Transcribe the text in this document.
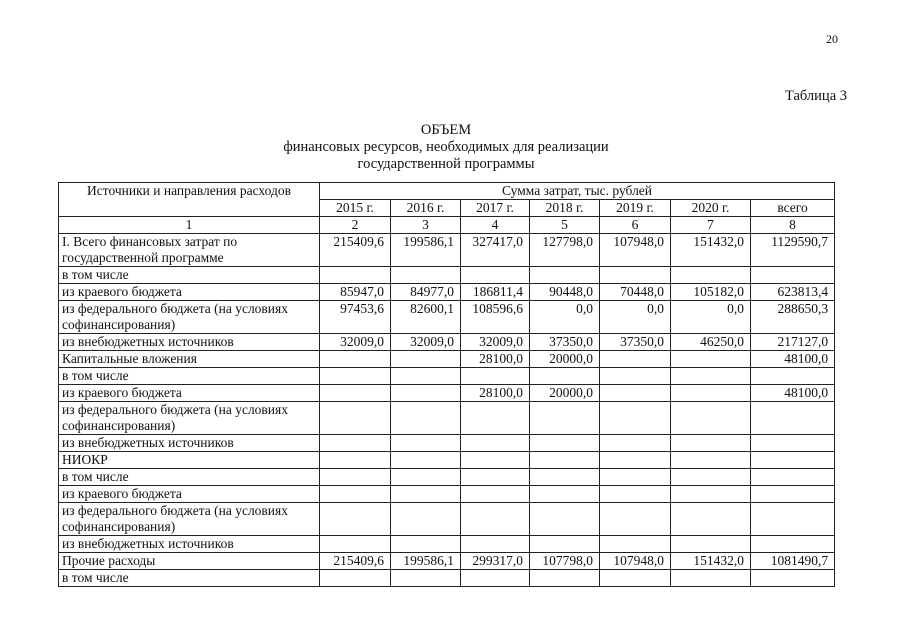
20
Таблица 3
ОБЪЕМ
финансовых ресурсов, необходимых для реализации
государственной программы
Источники и направления расходов	Сумма затрат, тыс. рублей						
	2015 г.	2016 г.	2017 г.	2018 г.	2019 г.	2020 г.	всего
1	2	3	4	5	6	7	8
I. Всего финансовых затрат по государственной программе	215409,6	199586,1	327417,0	127798,0	107948,0	151432,0	1129590,7
в том числе							
из краевого бюджета	85947,0	84977,0	186811,4	90448,0	70448,0	105182,0	623813,4
из федерального бюджета (на условиях софинансирования)	97453,6	82600,1	108596,6	0,0	0,0	0,0	288650,3
из внебюджетных источников	32009,0	32009,0	32009,0	37350,0	37350,0	46250,0	217127,0
Капитальные вложения			28100,0	20000,0			48100,0
в том числе							
из краевого бюджета			28100,0	20000,0			48100,0
из федерального бюджета (на условиях софинансирования)							
из внебюджетных источников							
НИОКР							
в том числе							
из краевого бюджета							
из федерального бюджета (на условиях софинансирования)							
из внебюджетных источников							
Прочие расходы	215409,6	199586,1	299317,0	107798,0	107948,0	151432,0	1081490,7
в том числе							
